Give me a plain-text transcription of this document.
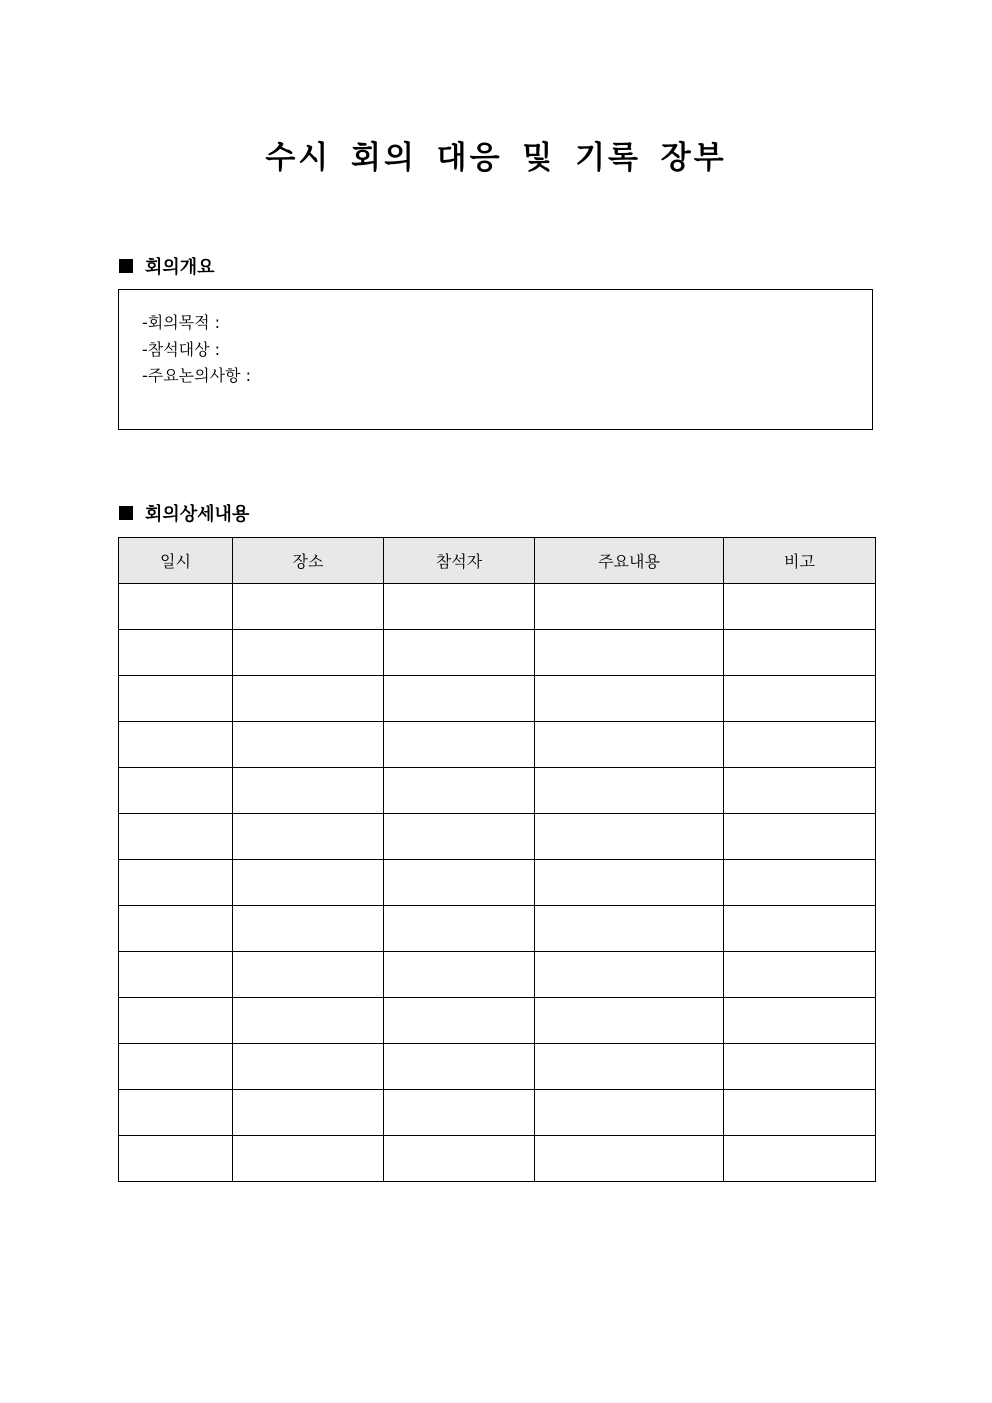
수시 회의 대응 및 기록 장부
회의개요
-회의목적 :
-참석대상 :
-주요논의사항 :
회의상세내용
일시	장소	참석자	주요내용	비고
